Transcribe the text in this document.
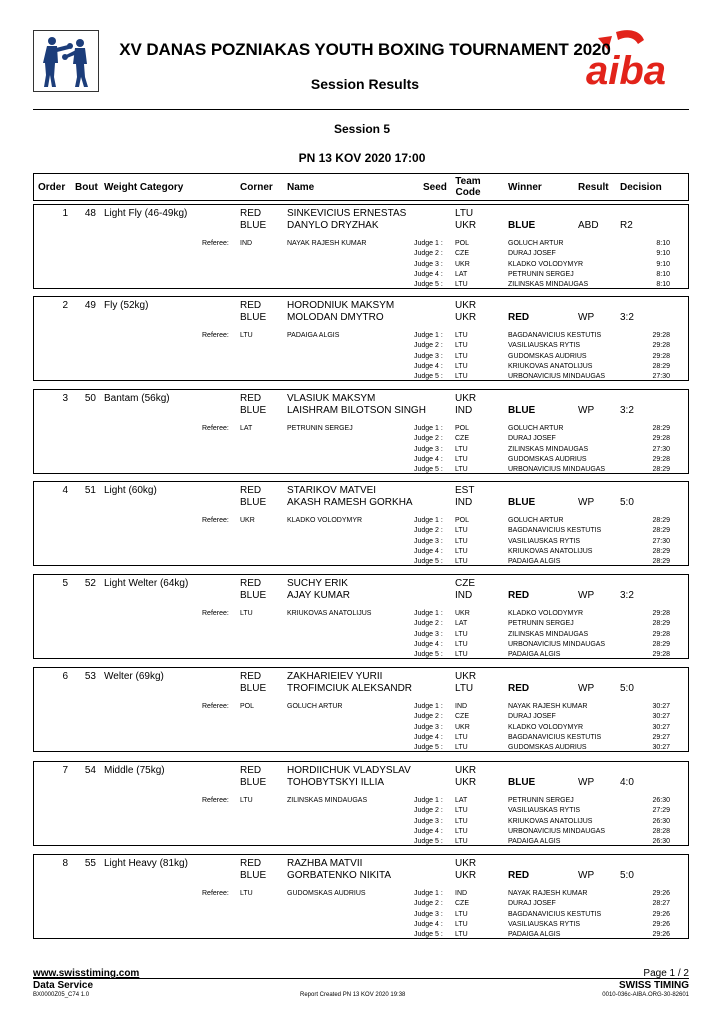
aiba
XV DANAS POZNIAKAS YOUTH BOXING TOURNAMENT 2020
Session Results
Session 5
PN 13 KOV 2020 17:00
Order Bout Weight Category	Corner Name	Seed
Team
Code	Winner	Result Decision
1	48 Light Fly (46-49kg)	RED	SINKEVICIUS ERNESTAS	LTU
BLUE DANYLO DRYZHAK	UKR	BLUE	ABD R2
Referee: IND	NAYAK RAJESH KUMAR	Judge 1 : POL	GOLUCH ARTUR	8:10
Judge 2 : CZE	DURAJ JOSEF	9:10
Judge 3 : UKR	KLADKO VOLODYMYR	9:10
Judge 4 : LAT	PETRUNIN SERGEJ	8:10
Judge 5 : LTU	ZILINSKAS MINDAUGAS	8:10
2	49 Fly (52kg)	RED	HORODNIUK MAKSYM	UKR
BLUE MOLODAN DMYTRO	UKR	RED	WP	3:2
Referee: LTU	PADAIGA ALGIS	Judge 1 : LTU	BAGDANAVICIUS KESTUTIS	29:28
Judge 2 : LTU	VASILIAUSKAS RYTIS	29:28
Judge 3 : LTU	GUDOMSKAS AUDRIUS	29:28
Judge 4 : LTU	KRIUKOVAS ANATOLIJUS	28:29
Judge 5 : LTU	URBONAVICIUS MINDAUGAS	27:30
3	50 Bantam (56kg)	RED	VLASIUK MAKSYM	UKR
BLUE LAISHRAM BILOTSON SINGH	IND	BLUE	WP	3:2
Referee: LAT	PETRUNIN SERGEJ	Judge 1 : POL	GOLUCH ARTUR	28:29
Judge 2 : CZE	DURAJ JOSEF	29:28
Judge 3 : LTU	ZILINSKAS MINDAUGAS	27:30
Judge 4 : LTU	GUDOMSKAS AUDRIUS	29:28
Judge 5 : LTU	URBONAVICIUS MINDAUGAS	28:29
4	51 Light (60kg)	RED	STARIKOV MATVEI	EST
BLUE AKASH RAMESH GORKHA	IND	BLUE	WP	5:0
Referee: UKR	KLADKO VOLODYMYR	Judge 1 : POL	GOLUCH ARTUR	28:29
Judge 2 : LTU	BAGDANAVICIUS KESTUTIS	28:29
Judge 3 : LTU	VASILIAUSKAS RYTIS	27:30
Judge 4 : LTU	KRIUKOVAS ANATOLIJUS	28:29
Judge 5 : LTU	PADAIGA ALGIS	28:29
5	52 Light Welter (64kg)	RED	SUCHY ERIK	CZE
BLUE AJAY KUMAR	IND	RED	WP	3:2
Referee: LTU	KRIUKOVAS ANATOLIJUS	Judge 1 : UKR	KLADKO VOLODYMYR	29:28
Judge 2 : LAT	PETRUNIN SERGEJ	28:29
Judge 3 : LTU	ZILINSKAS MINDAUGAS	29:28
Judge 4 : LTU	URBONAVICIUS MINDAUGAS	28:29
Judge 5 : LTU	PADAIGA ALGIS	29:28
6	53 Welter (69kg)	RED	ZAKHARIEIEV YURII	UKR
BLUE TROFIMCIUK ALEKSANDR	LTU	RED	WP	5:0
Referee: POL	GOLUCH ARTUR	Judge 1 : IND	NAYAK RAJESH KUMAR	30:27
Judge 2 : CZE	DURAJ JOSEF	30:27
Judge 3 : UKR	KLADKO VOLODYMYR	30:27
Judge 4 : LTU	BAGDANAVICIUS KESTUTIS	29:27
Judge 5 : LTU	GUDOMSKAS AUDRIUS	30:27
7	54 Middle (75kg)	RED	HORDIICHUK VLADYSLAV	UKR
BLUE TOHOBYTSKYI ILLIA	UKR	BLUE	WP	4:0
Referee: LTU	ZILINSKAS MINDAUGAS	Judge 1 : LAT	PETRUNIN SERGEJ	26:30
Judge 2 : LTU	VASILIAUSKAS RYTIS	27:29
Judge 3 : LTU	KRIUKOVAS ANATOLIJUS	26:30
Judge 4 : LTU	URBONAVICIUS MINDAUGAS	28:28
Judge 5 : LTU	PADAIGA ALGIS	26:30
8	55 Light Heavy (81kg)	RED	RAZHBA MATVII	UKR
BLUE GORBATENKO NIKITA	UKR	RED	WP	5:0
Referee: LTU	GUDOMSKAS AUDRIUS	Judge 1 : IND	NAYAK RAJESH KUMAR	29:26
Judge 2 : CZE	DURAJ JOSEF	28:27
Judge 3 : LTU	BAGDANAVICIUS KESTUTIS	29:26
Judge 4 : LTU	VASILIAUSKAS RYTIS	29:26
Judge 5 : LTU	PADAIGA ALGIS	29:26
www.swisstiming.com
Data Service
BX0000Z05_C74 1.0	Report Created PN 13 KOV 2020 19:38
Page 1 / 2
SWISS TIMING
0010-036c-AIBA.ORG-30-82601
